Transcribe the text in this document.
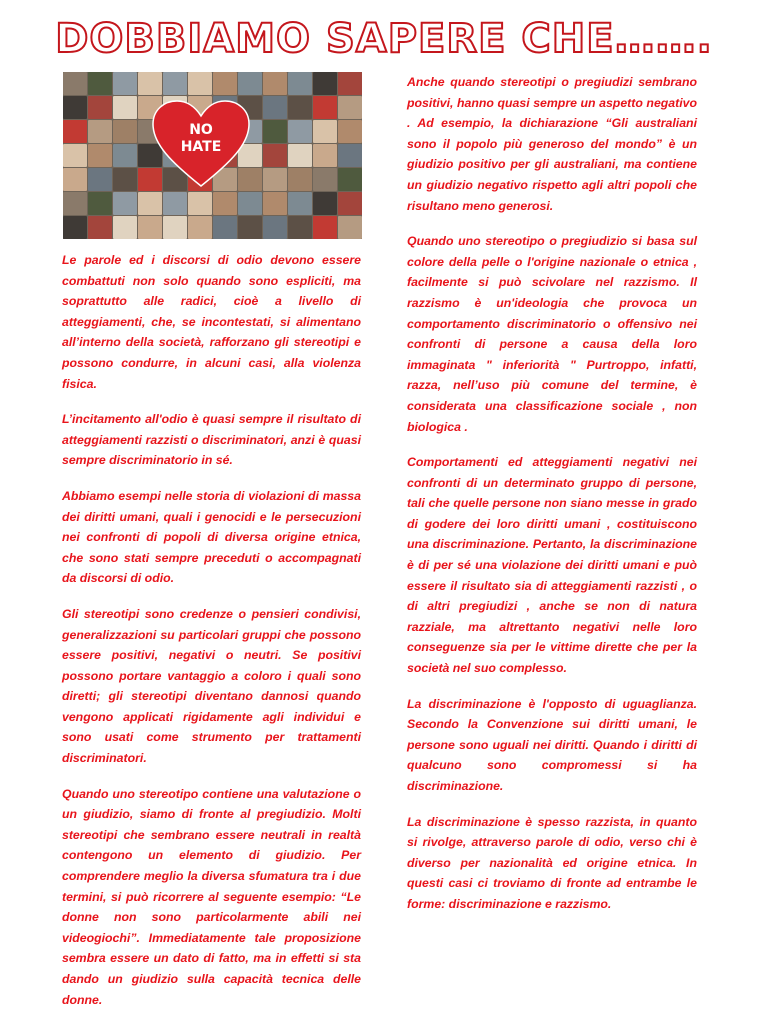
DOBBIAMO SAPERE CHE…….
NO
HATE

Le parole ed i discorsi di odio devono essere combattuti non solo quando sono espliciti, ma soprattutto alle radici, cioè a livello di atteggiamenti, che, se incontestati, si alimentano all’interno della società, rafforzano gli stereotipi e possono condurre, in alcuni casi, alla violenza fisica.

L’incitamento all'odio è quasi sempre il risultato di atteggiamenti razzisti o discriminatori, anzi è quasi sempre discriminatorio in sé.

Abbiamo esempi nelle storia di violazioni di massa dei diritti umani, quali i genocidi e le persecuzioni nei confronti di popoli di diversa origine etnica, che sono stati sempre preceduti o accompagnati da discorsi di odio.

Gli stereotipi sono credenze o pensieri condivisi, generalizzazioni su particolari gruppi che possono essere positivi, negativi o neutri. Se positivi possono portare vantaggio a coloro i quali sono diretti; gli stereotipi diventano dannosi quando vengono applicati rigidamente agli individui e sono usati come strumento per trattamenti discriminatori.

Quando uno stereotipo contiene una valutazione o un giudizio, siamo di fronte al pregiudizio. Molti stereotipi che sembrano essere neutrali in realtà contengono un elemento di giudizio. Per comprendere meglio la diversa sfumatura tra i due termini, si può ricorrere al seguente esempio: “Le donne non sono particolarmente abili nei videogiochi”. Immediatamente tale proposizione sembra essere un dato di fatto, ma in effetti si sta dando un giudizio sulla capacità tecnica delle donne.

Anche quando stereotipi o pregiudizi sembrano positivi, hanno quasi sempre un aspetto negativo . Ad esempio, la dichiarazione “Gli australiani sono il popolo più generoso del mondo” è un giudizio positivo per gli australiani, ma contiene un giudizio negativo rispetto agli altri popoli che risultano meno generosi.

Quando uno stereotipo o pregiudizio si basa sul colore della pelle o l'origine nazionale o etnica , facilmente si può scivolare nel razzismo. Il razzismo è un'ideologia che provoca un comportamento discriminatorio o offensivo nei confronti di persone a causa della loro immaginata " inferiorità " Purtroppo, infatti, razza, nell’uso più comune del termine, è considerata una classificazione sociale , non biologica .

Comportamenti ed atteggiamenti negativi nei confronti di un determinato gruppo di persone, tali che quelle persone non siano messe in grado di godere dei loro diritti umani , costituiscono una discriminazione. Pertanto, la discriminazione è di per sé una violazione dei diritti umani e può essere il risultato sia di atteggiamenti razzisti , o di altri pregiudizi , anche se non di natura razziale, ma altrettanto negativi nelle loro conseguenze sia per le vittime dirette che per la società nel suo complesso.

La discriminazione è l'opposto di uguaglianza. Secondo la Convenzione sui diritti umani, le persone sono uguali nei diritti. Quando i diritti di qualcuno sono compromessi si ha discriminazione.

La discriminazione è spesso razzista, in quanto si rivolge, attraverso parole di odio, verso chi è diverso per nazionalità ed origine etnica. In questi casi ci troviamo di fronte ad entrambe le forme: discriminazione e razzismo.
